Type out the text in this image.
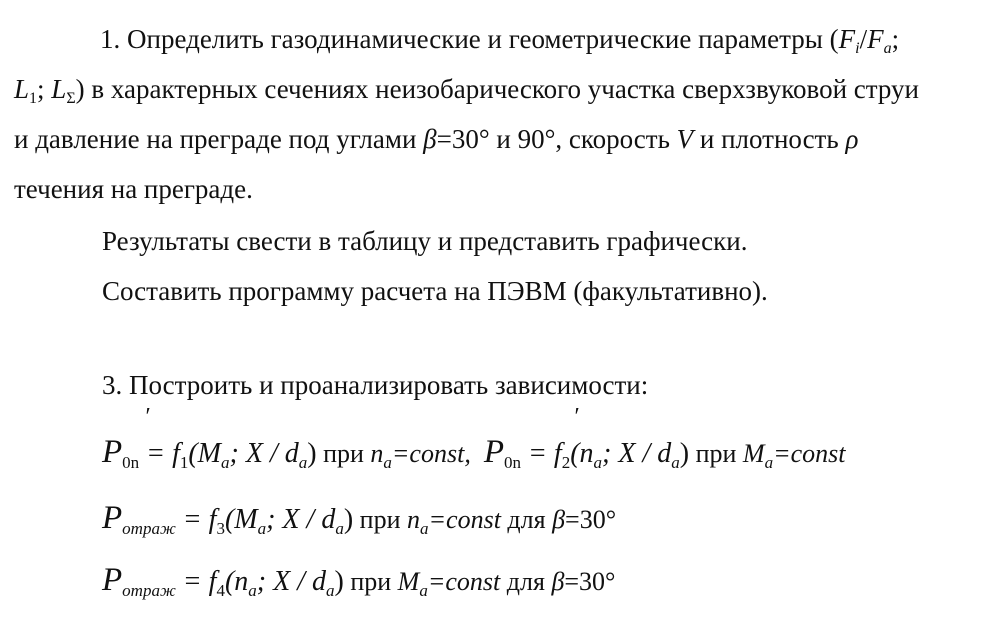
1. Определить газодинамические и геометрические параметры ($F_i/F_a$;
$L_1$; $L_\Sigma$) в характерных сечениях неизобарического участка сверхзвуковой струи
и давление на преграде под углами β=30° и 90°, скорость V и плотность ρ
течения на преграде.
Результаты свести в таблицу и представить графически.
Составить программу расчета на ПЭВМ (факультативно).
3. Построить и проанализировать зависимости:
′	′
$P_{0n} = f_1(M_a$; X / $d_a$) при $n_a=const$, $P_{0n} = f_2(n_a$; X / $d_a$) при $M_a=const$
$P_{отраж} = f_3(M_a$; X / $d_a$) при $n_a=const$ для β=30°
$P_{отраж} = f_4(n_a$; X / $d_a$) при $M_a=const$ для β=30°
